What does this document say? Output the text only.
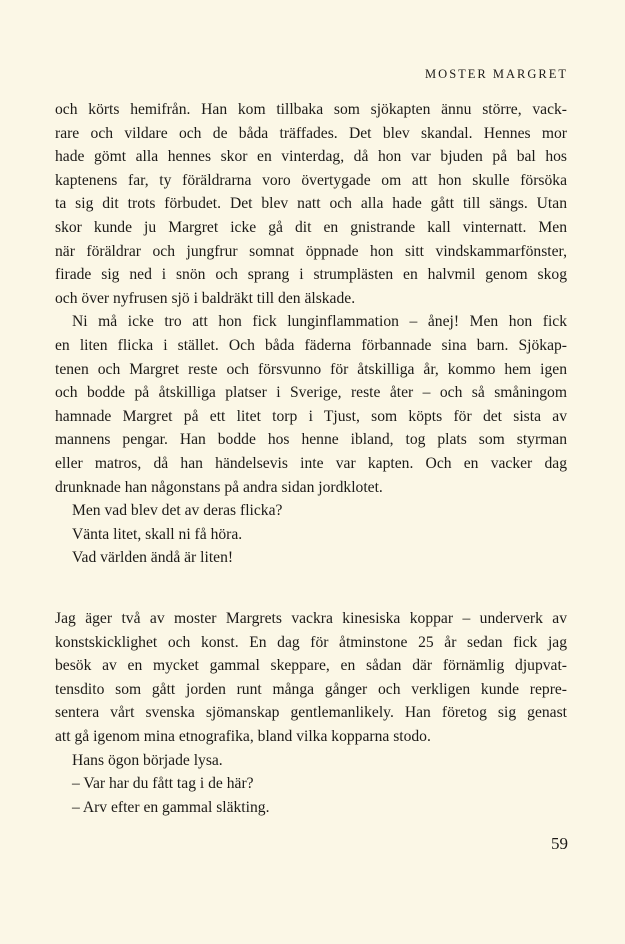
MOSTER MARGRET
och körts hemifrån. Han kom tillbaka som sjökapten ännu större, vack-
rare och vildare och de båda träffades. Det blev skandal. Hennes mor
hade gömt alla hennes skor en vinterdag, då hon var bjuden på bal hos
kaptenens far, ty föräldrarna voro övertygade om att hon skulle försöka
ta sig dit trots förbudet. Det blev natt och alla hade gått till sängs. Utan
skor kunde ju Margret icke gå dit en gnistrande kall vinternatt. Men
när föräldrar och jungfrur somnat öppnade hon sitt vindskammarfönster,
firade sig ned i snön och sprang i strumplästen en halvmil genom skog
och över nyfrusen sjö i baldräkt till den älskade.
Ni må icke tro att hon fick lunginflammation – ånej! Men hon fick
en liten flicka i stället. Och båda fäderna förbannade sina barn. Sjökap-
tenen och Margret reste och försvunno för åtskilliga år, kommo hem igen
och bodde på åtskilliga platser i Sverige, reste åter – och så småningom
hamnade Margret på ett litet torp i Tjust, som köpts för det sista av
mannens pengar. Han bodde hos henne ibland, tog plats som styrman
eller matros, då han händelsevis inte var kapten. Och en vacker dag
drunknade han någonstans på andra sidan jordklotet.
Men vad blev det av deras flicka?
Vänta litet, skall ni få höra.
Vad världen ändå är liten!
Jag äger två av moster Margrets vackra kinesiska koppar – underverk av
konstskicklighet och konst. En dag för åtminstone 25 år sedan fick jag
besök av en mycket gammal skeppare, en sådan där förnämlig djupvat-
tensdito som gått jorden runt många gånger och verkligen kunde repre-
sentera vårt svenska sjömanskap gentlemanlikely. Han företog sig genast
att gå igenom mina etnografika, bland vilka kopparna stodo.
Hans ögon började lysa.
– Var har du fått tag i de här?
– Arv efter en gammal släkting.
59
